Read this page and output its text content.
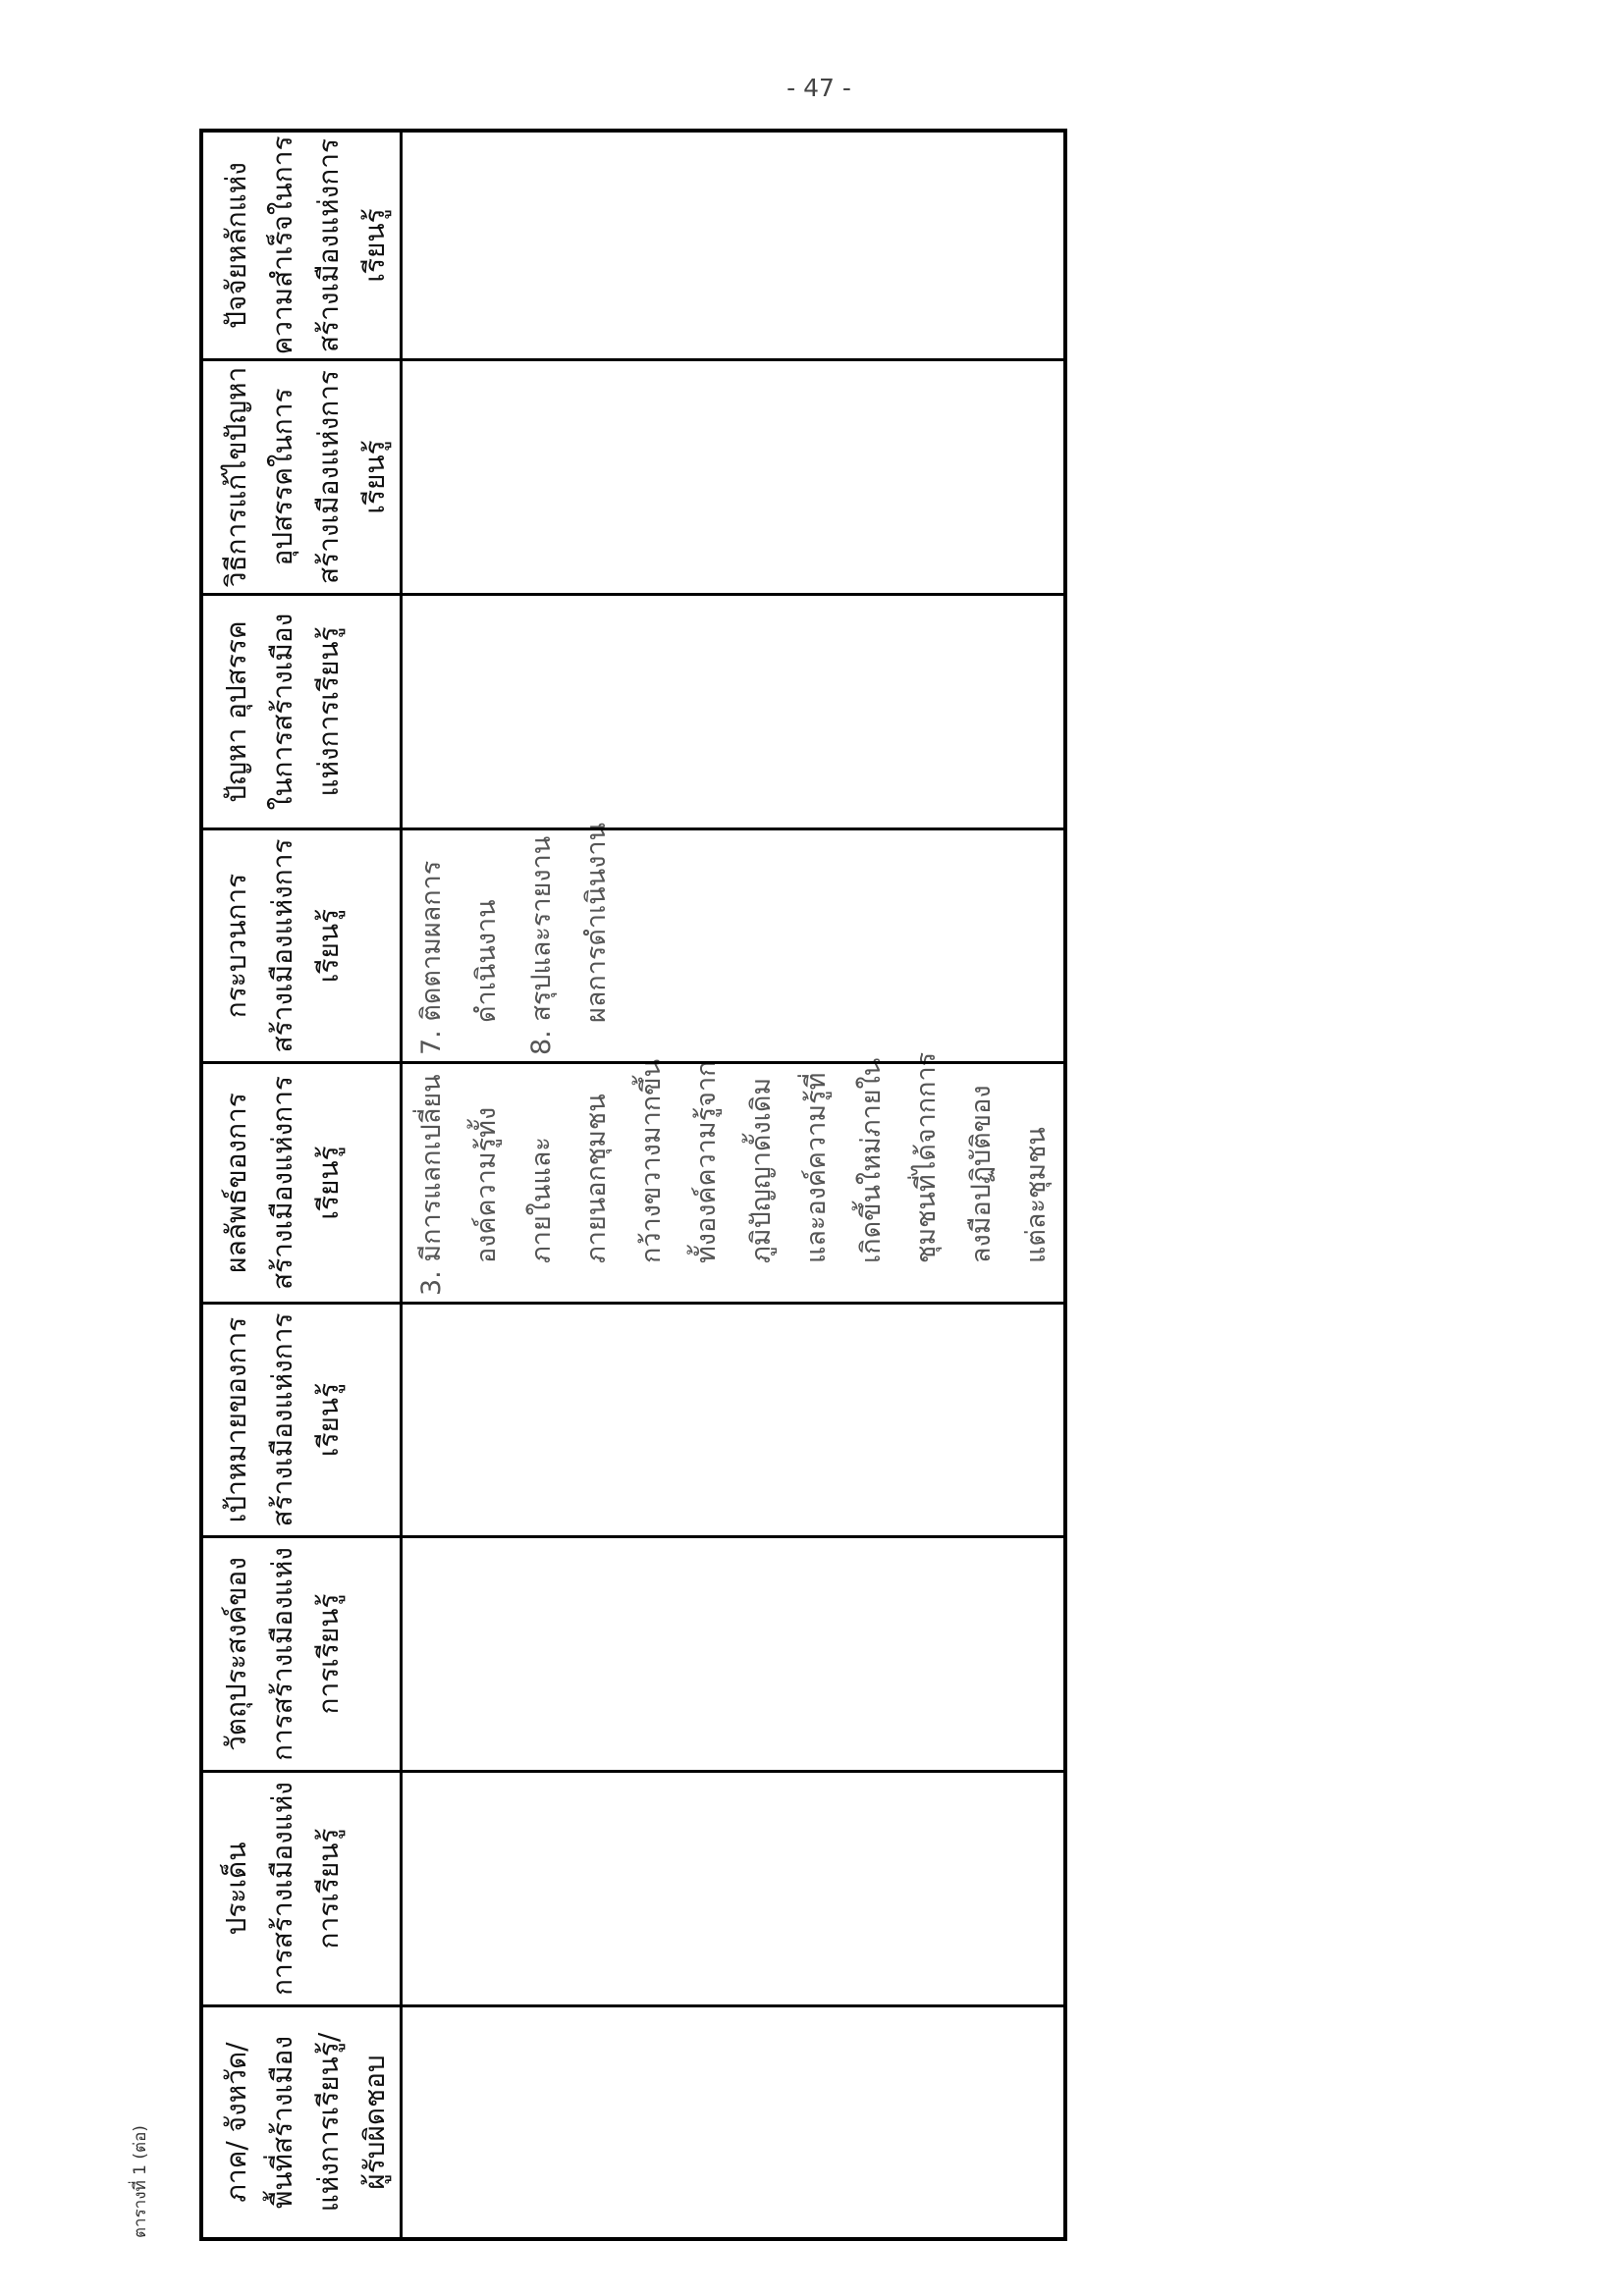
- 47 -
ตารางที่ 1 (ต่อ)	ภาค/ จังหวัด/
พื้นที่สร้างเมือง
แห่งการเรียนรู้/
ผู้รับผิดชอบ
ประเด็น
การสร้างเมืองแห่ง
การเรียนรู้
วัตถุประสงค์ของ
การสร้างเมืองแห่ง
การเรียนรู้
เป้าหมายของการ
สร้างเมืองแห่งการ
เรียนรู้
ผลลัพธ์ของการ
สร้างเมืองแห่งการ
เรียนรู้
กระบวนการ
สร้างเมืองแห่งการ
เรียนรู้
ปัญหา อุปสรรค
ในการสร้างเมือง
แห่งการเรียนรู้
วิธีการแก้ไขปัญหา
อุปสรรคในการ
สร้างเมืองแห่งการ
เรียนรู้
ปัจจัยหลักแห่ง
ความสำเร็จในการ
สร้างเมืองแห่งการ
เรียนรู้
3. มีการแลกเปลี่ยน
องค์ความรู้ทั้ง
ภายในและ
ภายนอกชุมชน
กว้างขวางมากขึ้น
ทั้งองค์ความรู้จาก
ภูมิปัญญาดั้งเดิม
และองค์ความรู้ที่
เกิดขึ้นใหม่ภายใน
ชุมชนที่ได้จากการ
ลงมือปฏิบัติของ
แต่ละชุมชน
7. ติดตามผลการ
ดำเนินงาน
8. สรุปและรายงาน
ผลการดำเนินงาน
